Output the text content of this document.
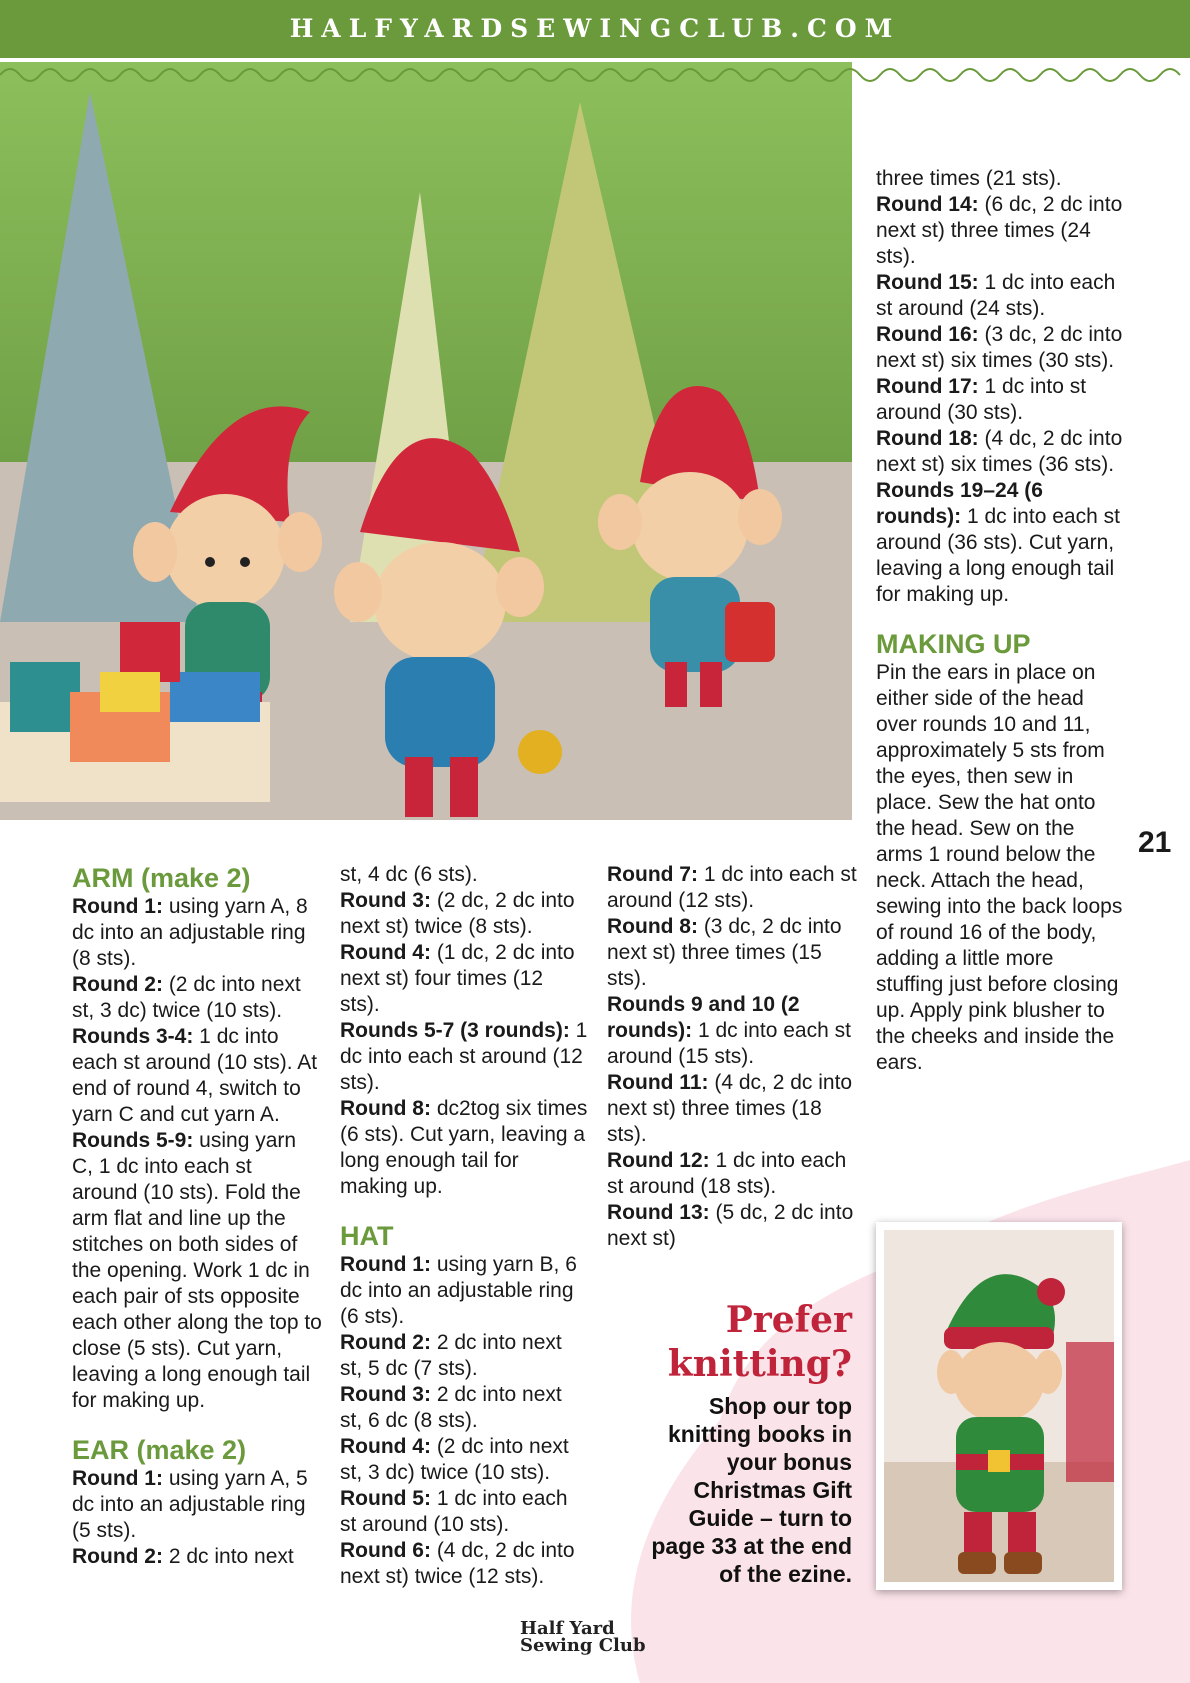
HALFYARDSEWINGCLUB.COM

ARM (make 2)

Round 1: using yarn A, 8 dc into an adjustable ring (8 sts).

Round 2: (2 dc into next st, 3 dc) twice (10 sts).

Rounds 3-4: 1 dc into each st around (10 sts). At end of round 4, switch to yarn C and cut yarn A.

Rounds 5-9: using yarn C, 1 dc into each st around (10 sts). Fold the arm flat and line up the stitches on both sides of the opening. Work 1 dc in each pair of sts opposite each other along the top to close (5 sts). Cut yarn, leaving a long enough tail for making up.

EAR (make 2)

Round 1: using yarn A, 5 dc into an adjustable ring (5 sts).

Round 2: 2 dc into next

st, 4 dc (6 sts).

Round 3: (2 dc, 2 dc into next st) twice (8 sts).

Round 4: (1 dc, 2 dc into next st) four times (12 sts).

Rounds 5-7 (3 rounds): 1 dc into each st around (12 sts).

Round 8: dc2tog six times (6 sts). Cut yarn, leaving a long enough tail for making up.

HAT

Round 1: using yarn B, 6 dc into an adjustable ring (6 sts).

Round 2: 2 dc into next st, 5 dc (7 sts).

Round 3: 2 dc into next st, 6 dc (8 sts).

Round 4: (2 dc into next st, 3 dc) twice (10 sts).

Round 5: 1 dc into each st around (10 sts).

Round 6: (4 dc, 2 dc into next st) twice (12 sts).

Round 7: 1 dc into each st around (12 sts).

Round 8: (3 dc, 2 dc into next st) three times (15 sts).

Rounds 9 and 10 (2 rounds): 1 dc into each st around (15 sts).

Round 11: (4 dc, 2 dc into next st) three times (18 sts).

Round 12: 1 dc into each st around (18 sts).

Round 13: (5 dc, 2 dc into next st)

three times (21 sts).

Round 14: (6 dc, 2 dc into next st) three times (24 sts).

Round 15: 1 dc into each st around (24 sts).

Round 16: (3 dc, 2 dc into next st) six times (30 sts).

Round 17: 1 dc into st around (30 sts).

Round 18: (4 dc, 2 dc into next st) six times (36 sts).

Rounds 19–24 (6 rounds): 1 dc into each st around (36 sts). Cut yarn, leaving a long enough tail for making up.

MAKING UP

Pin the ears in place on either side of the head over rounds 10 and 11, approximately 5 sts from the eyes, then sew in place. Sew the hat onto the head. Sew on the arms 1 round below the neck. Attach the head, sewing into the back loops of round 16 of the body, adding a little more stuffing just before closing up. Apply pink blusher to the cheeks and inside the ears.

21
Prefer
knitting?
Shop our top knitting books in your bonus Christmas Gift Guide – turn to page 33 at the end of the ezine.
Half Yard
Sewing Club
